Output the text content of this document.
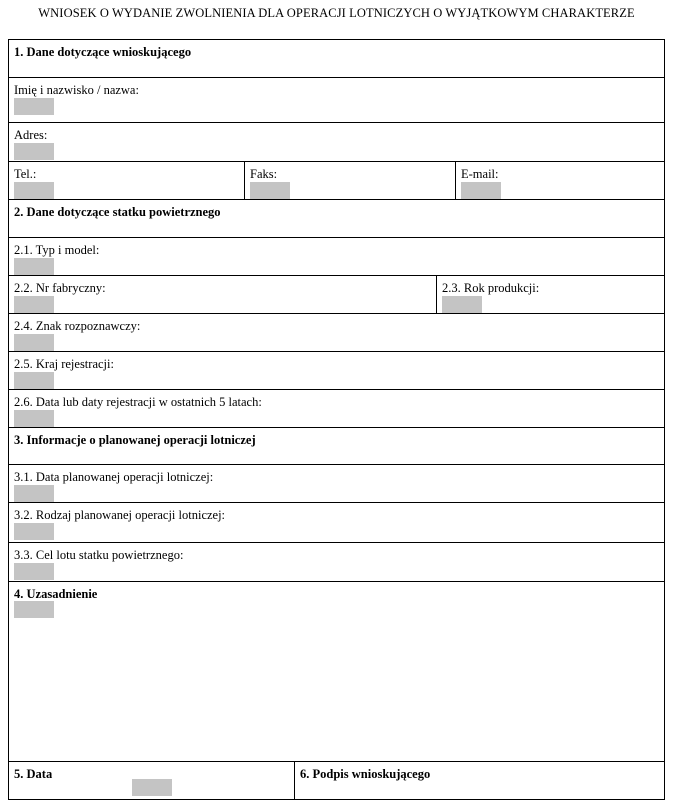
WNIOSEK O WYDANIE ZWOLNIENIA DLA OPERACJI LOTNICZYCH O WYJĄTKOWYM CHARAKTERZE
1. Dane dotyczące wnioskującego
Imię i nazwisko / nazwa:
Adres:
Tel.:	Faks:	E-mail:
2. Dane dotyczące statku powietrznego
2.1. Typ i model:
2.2. Nr fabryczny:	2.3. Rok produkcji:
2.4. Znak rozpoznawczy:
2.5. Kraj rejestracji:
2.6. Data lub daty rejestracji w ostatnich 5 latach:
3. Informacje o planowanej operacji lotniczej
3.1. Data planowanej operacji lotniczej:
3.2. Rodzaj planowanej operacji lotniczej:
3.3. Cel lotu statku powietrznego:
4. Uzasadnienie
5. Data	6. Podpis wnioskującego
